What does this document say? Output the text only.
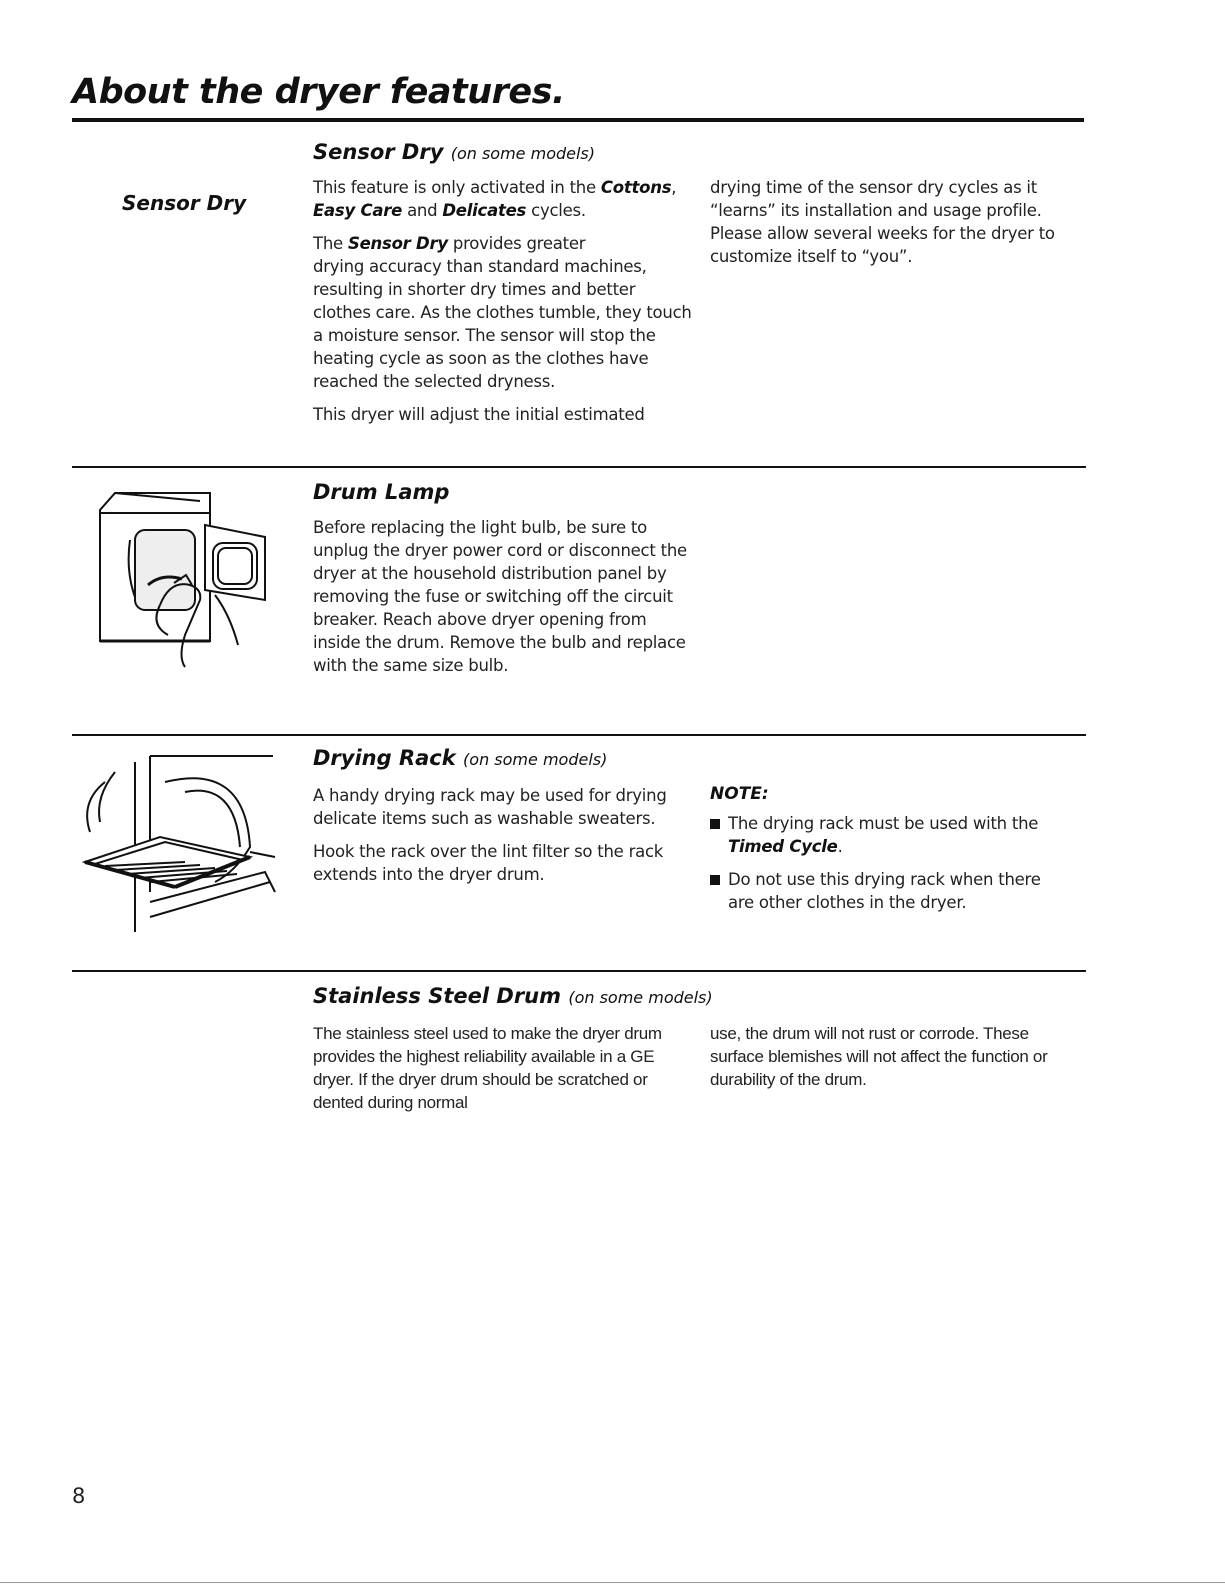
About the dryer features.
Sensor Dry
Sensor Dry (on some models)

This feature is only activated in the Cottons, Easy Care and Delicates cycles.

The Sensor Dry provides greater
drying accuracy than standard machines, resulting in shorter dry times and better clothes care. As the clothes tumble, they touch a moisture sensor. The sensor will stop the heating cycle as soon as the clothes have reached the selected dryness.

This dryer will adjust the initial estimated

drying time of the sensor dry cycles as it “learns” its installation and usage profile.

Please allow several weeks for the dryer to customize itself to “you”.

Drum Lamp

Before replacing the light bulb, be sure to unplug the dryer power cord or disconnect the dryer at the household distribution panel by removing the fuse or switching off the circuit breaker. Reach above dryer opening from inside the drum. Remove the bulb and replace with the same size bulb.

Drying Rack (on some models)

A handy drying rack may be used for drying delicate items such as washable sweaters.

Hook the rack over the lint filter so the rack extends into the dryer drum.

NOTE:

The drying rack must be used with the
Timed Cycle.

Do not use this drying rack when there are other clothes in the dryer.

Stainless Steel Drum (on some models)

The stainless steel used to make the dryer drum provides the highest reliability available in a GE dryer. If the dryer drum should be scratched or dented during normal

use, the drum will not rust or corrode. These surface blemishes will not affect the function or durability of the drum.

8
